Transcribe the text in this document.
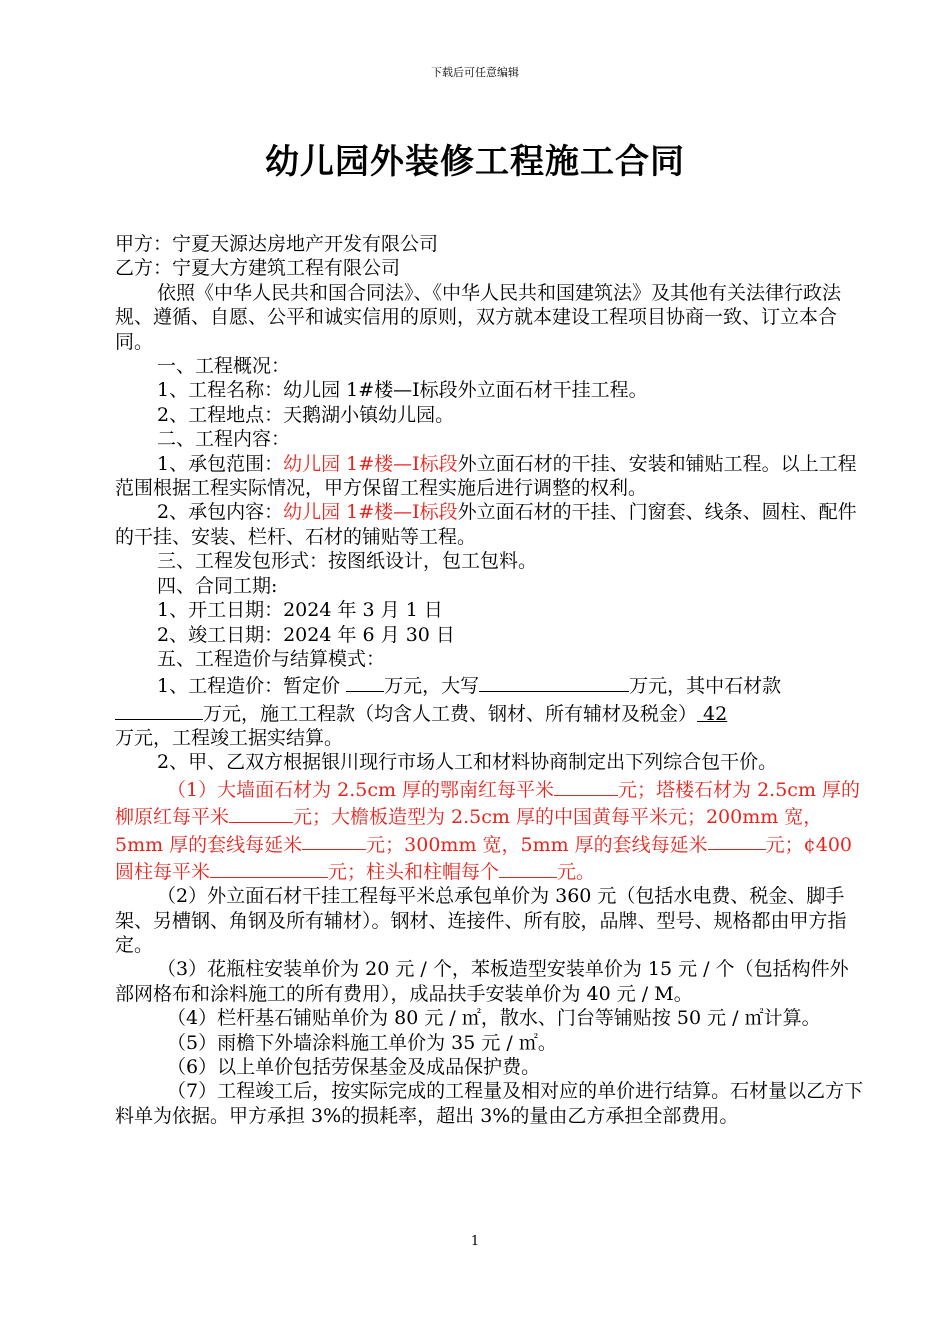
下载后可任意编辑
幼儿园外装修工程施工合同

甲方：宁夏天源达房地产开发有限公司

乙方：宁夏大方建筑工程有限公司

依照《中华人民共和国合同法》、《中华人民共和国建筑法》及其他有关法律行政法规、遵循、自愿、公平和诚实信用的原则，双方就本建设工程项目协商一致、订立本合同。

一、工程概况：

1、工程名称：幼儿园 1#楼—I标段外立面石材干挂工程。

2、工程地点：天鹅湖小镇幼儿园。

二、工程内容：

1、承包范围：幼儿园 1#楼—I标段外立面石材的干挂、安装和铺贴工程。以上工程范围根据工程实际情况，甲方保留工程实施后进行调整的权利。

2、承包内容：幼儿园 1#楼—I标段外立面石材的干挂、门窗套、线条、圆柱、配件的干挂、安装、栏杆、石材的铺贴等工程。

三、工程发包形式：按图纸设计，包工包料。

四、合同工期:

1、开工日期：2024 年 3 月 1 日

2、竣工日期：2024 年 6 月 30 日

五、工程造价与结算模式：

1、工程造价：暂定价 万元，大写	万元，其中石材款万元，施工工程款（均含人工费、钢材、所有辅材及税金） 42
万元，工程竣工据实结算。

2、甲、乙双方根据银川现行市场人工和材料协商制定出下列综合包干价。

（1）大墙面石材为 2.5cm 厚的鄂南红每平米	元；塔楼石材为 2.5cm 厚的柳原红每平米	元；大檐板造型为 2.5cm 厚的中国黄每平米元；200mm 宽，5mm 厚的套线每延米	元；300mm 宽，5mm 厚的套线每延米	元；¢400 圆柱每平米	元；柱头和柱帽每个	元。

（2）外立面石材干挂工程每平米总承包单价为 360 元（包括水电费、税金、脚手架、另槽钢、角钢及所有辅材）。钢材、连接件、所有胶，品牌、型号、规格都由甲方指定。

（3）花瓶柱安装单价为 20 元 / 个，苯板造型安装单价为 15 元 / 个（包括构件外部网格布和涂料施工的所有费用），成品扶手安装单价为 40 元 / M。

（4）栏杆基石铺贴单价为 80 元 / ㎡，散水、门台等铺贴按 50 元 / ㎡计算。

（5）雨檐下外墙涂料施工单价为 35 元 / ㎡。

（6）以上单价包括劳保基金及成品保护费。

（7）工程竣工后，按实际完成的工程量及相对应的单价进行结算。石材量以乙方下料单为依据。甲方承担 3%的损耗率，超出 3%的量由乙方承担全部费用。

1
